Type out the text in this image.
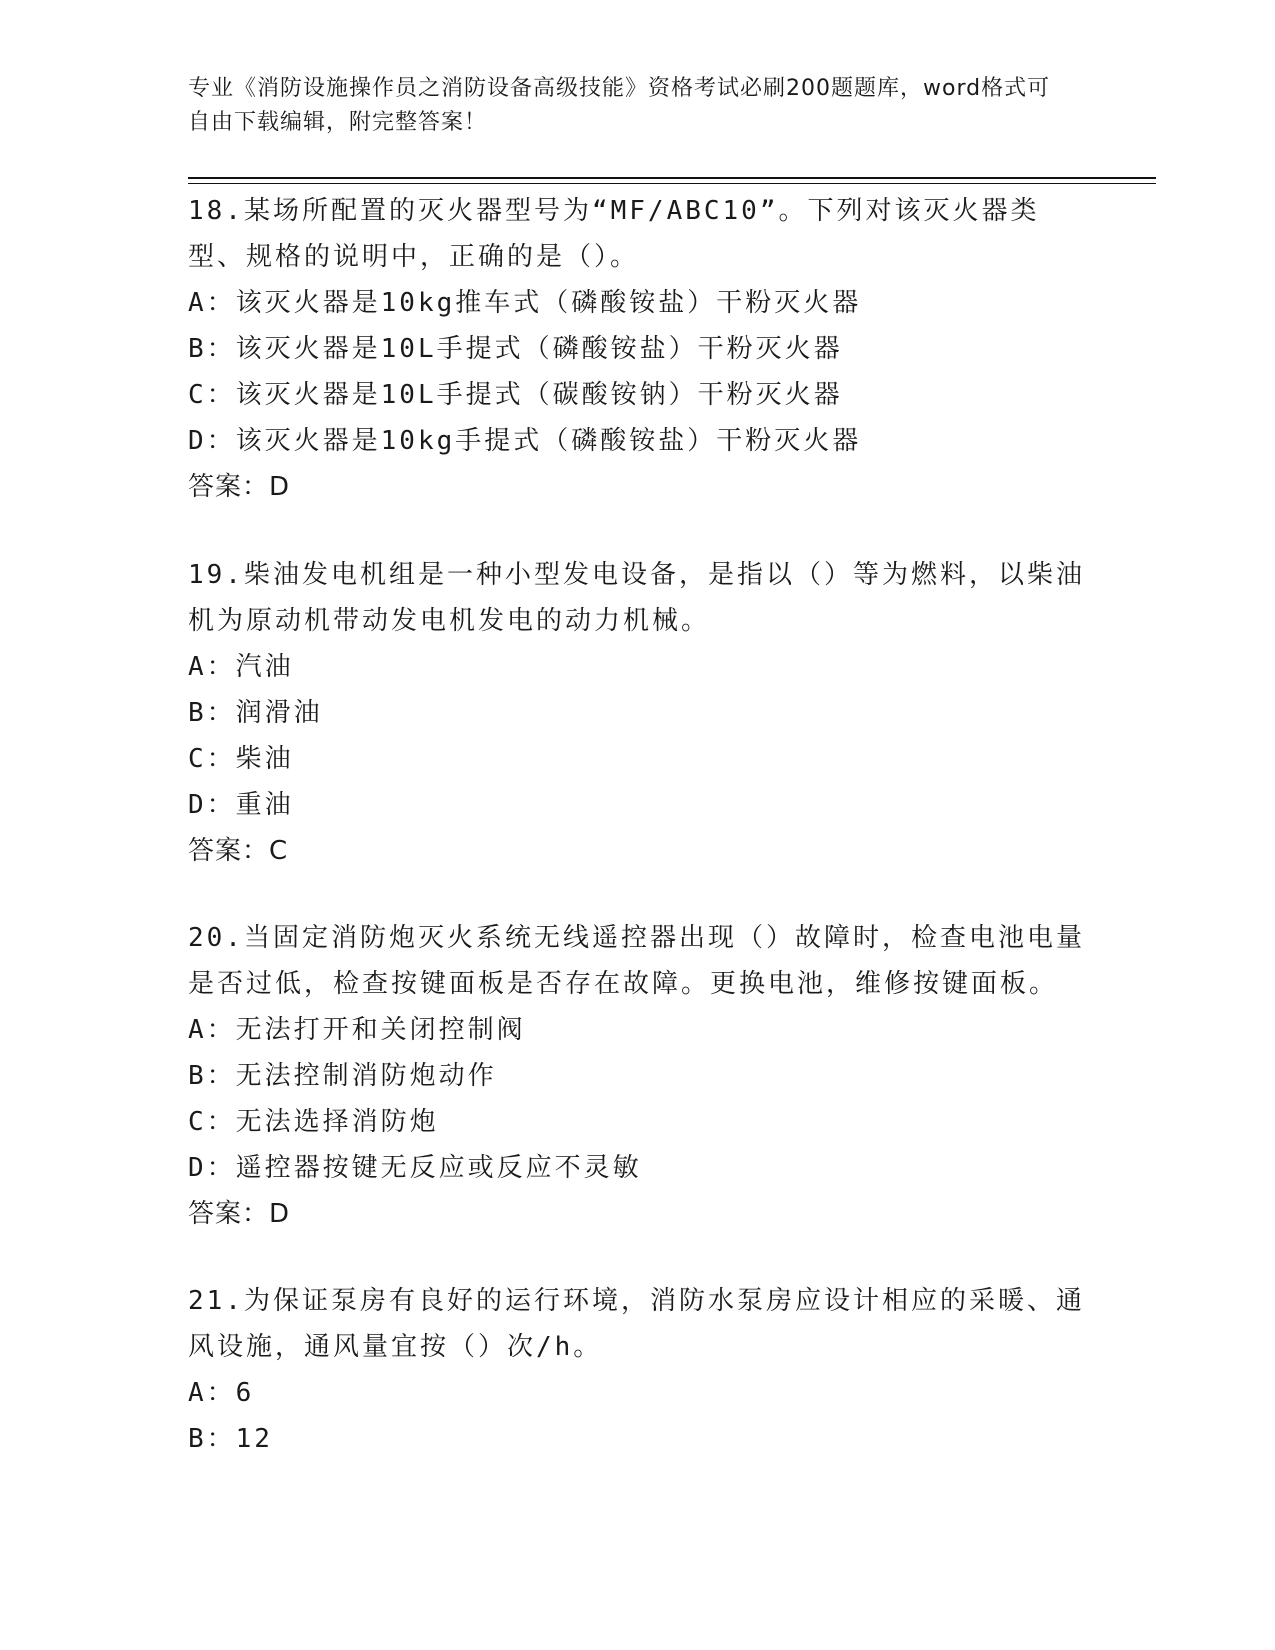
专业《消防设施操作员之消防设备高级技能》资格考试必刷200题题库，word格式可自由下载编辑，附完整答案！

18.某场所配置的灭火器型号为“MF/ABC10”。下列对该灭火器类型、规格的说明中，正确的是（）。

A：该灭火器是10kg推车式（磷酸铵盐）干粉灭火器

B：该灭火器是10L手提式（磷酸铵盐）干粉灭火器

C：该灭火器是10L手提式（碳酸铵钠）干粉灭火器

D：该灭火器是10kg手提式（磷酸铵盐）干粉灭火器

答案：D

19.柴油发电机组是一种小型发电设备，是指以（）等为燃料，以柴油机为原动机带动发电机发电的动力机械。

A：汽油

B：润滑油

C：柴油

D：重油

答案：C

20.当固定消防炮灭火系统无线遥控器出现（）故障时，检查电池电量是否过低，检查按键面板是否存在故障。更换电池，维修按键面板。

A：无法打开和关闭控制阀

B：无法控制消防炮动作

C：无法选择消防炮

D：遥控器按键无反应或反应不灵敏

答案：D

21.为保证泵房有良好的运行环境，消防水泵房应设计相应的采暖、通风设施，通风量宜按（）次/h。

A：6

B：12
